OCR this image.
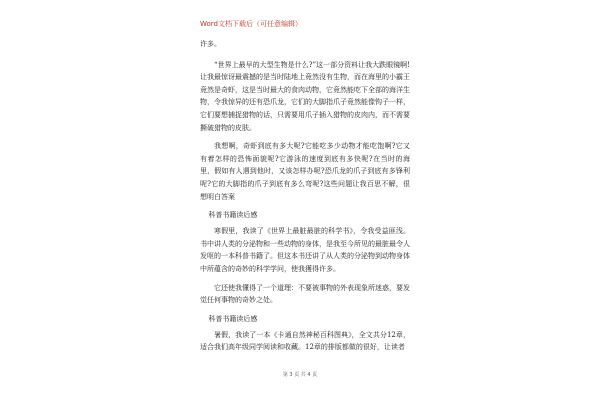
Word文档下载后（可任意编辑）

许多。

“世界上最早的大型生物是什么?”这一部分资料让我大跌眼镜啊!让我最惊讶最震撼的是当时陆地上竟然没有生物，而在海里的小霸王竟然是奇虾，这是当时最大的食肉动物，它竟然能吃下全部的海洋生物，令我惊异的还有恐爪龙，它们的大脚指爪子竟然能像钩子一样，它们要想捕捉猎物的话，只需要用爪子插入猎物的皮肉内，而不需要撕破猎物的皮肤。

我想啊，奇虾到底有多大呢?它能吃多少动物才能吃饱啊?它又有着怎样的恐怖面貌呢?它游泳的速度到底有多快呢?在当时的海里，假如有人遇到他时，又该怎样办呢?恐爪龙的爪子到底有多锋利呢?它的大脚指的爪子到底有多么弯呢?这些问题让我百思不解，很想明白答案

科普书籍读后感

寒假里，我读了《世界上最脏最脏的科学书》，令我受益匪浅。书中讲人类的分泌物和一些动物的身体，是我至今所见的最脏最令人发呕的一本科普书籍了。但这本书还讲了从人类的分泌物到动物身体中所蕴含的奇妙的科学学问，使我獲得许多。

它还使我懂得了一个道理：不要被事物的外表现象所迷惑，要发觉任何事物的奇妙之处。

科普书籍读后感

暑假，我读了一本《卡通自然神秘百科图典》，全文共分12章，适合我们高年级同学阅读和收藏。12章的排版都做的很好，让读者

第 3 页 共 4 页
